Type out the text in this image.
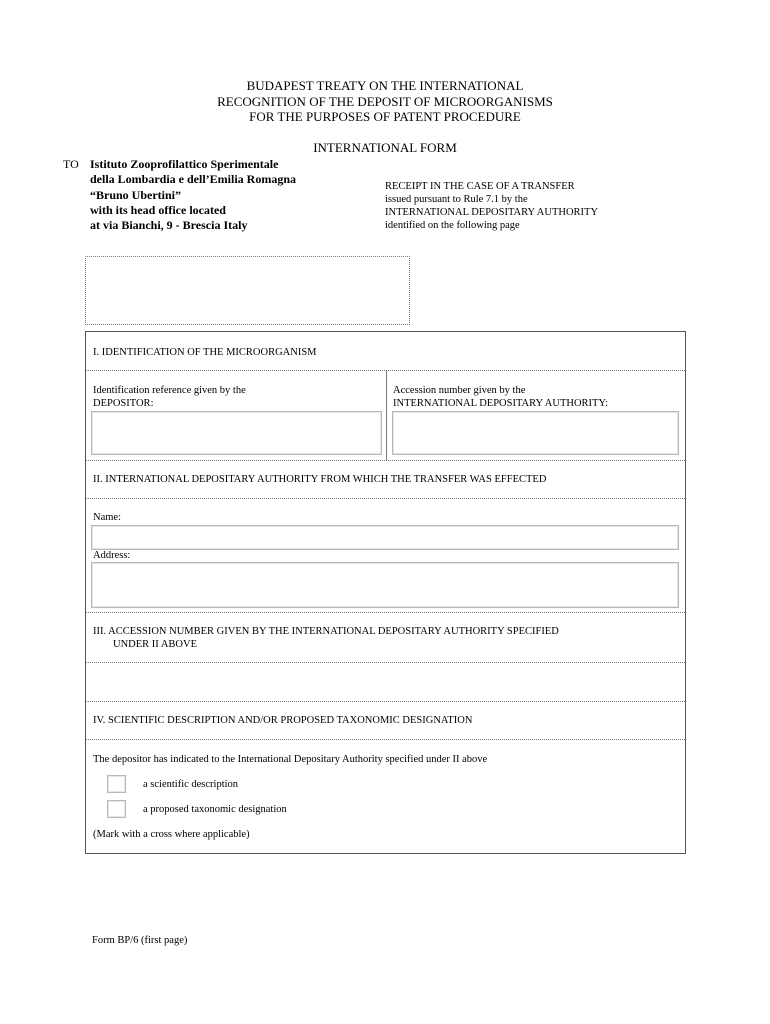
BUDAPEST TREATY ON THE INTERNATIONAL
RECOGNITION OF THE DEPOSIT OF MICROORGANISMS
FOR THE PURPOSES OF PATENT PROCEDURE
INTERNATIONAL FORM
TO Istituto Zooprofilattico Sperimentale
della Lombardia e dell’Emilia Romagna
“Bruno Ubertini”
with its head office located
at via Bianchi, 9 - Brescia Italy
RECEIPT IN THE CASE OF A TRANSFER
issued pursuant to Rule 7.1 by the
INTERNATIONAL DEPOSITARY AUTHORITY
identified on the following page
I. IDENTIFICATION OF THE MICROORGANISM
Identification reference given by the
DEPOSITOR:
Accession number given by the
INTERNATIONAL DEPOSITARY AUTHORITY:
II. INTERNATIONAL DEPOSITARY AUTHORITY FROM WHICH THE TRANSFER WAS EFFECTED
Name:
Address:
III. ACCESSION NUMBER GIVEN BY THE INTERNATIONAL DEPOSITARY AUTHORITY SPECIFIED
UNDER II ABOVE
IV. SCIENTIFIC DESCRIPTION AND/OR PROPOSED TAXONOMIC DESIGNATION
The depositor has indicated to the International Depositary Authority specified under II above
a scientific description
a proposed taxonomic designation
(Mark with a cross where applicable)
Form BP/6 (first page)
